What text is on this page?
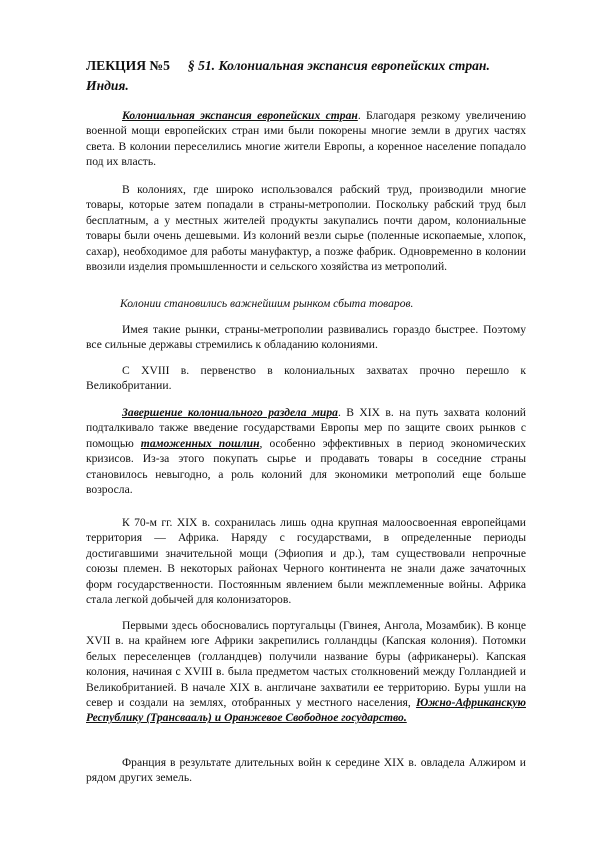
ЛЕКЦИЯ №5 § 51. Колониальная экспансия европейских стран. Индия.

Колониальная экспансия европейских стран. Благодаря резкому увеличению военной мощи европейских стран ими были покорены многие земли в других частях света. В колонии переселились многие жители Европы, а коренное население попадало под их власть.

В колониях, где широко использовался рабский труд, производили многие товары, которые затем попадали в страны-метрополии. Поскольку рабский труд был бесплатным, а у местных жителей продукты закупались почти даром, колониальные товары были очень дешевыми. Из колоний везли сырье (поленные ископаемые, хлопок, сахар), необходимое для работы мануфактур, а позже фабрик. Одновременно в колонии ввозили изделия промышленности и сельского хозяйства из метрополий.

Колонии становились важнейшим рынком сбыта товаров.

Имея такие рынки, страны-метрополии развивались гораздо быстрее. Поэтому все сильные державы стремились к обладанию колониями.

С XVIII в. первенство в колониальных захватах прочно перешло к Великобритании.

Завершение колониального раздела мира. В XIX в. на путь захвата колоний подталкивало также введение государствами Европы мер по защите своих рынков с помощью таможенных пошлин, особенно эффективных в период экономических кризисов. Из-за этого покупать сырье и продавать товары в соседние страны становилось невыгодно, а роль колоний для экономики метрополий еще больше возросла.

К 70-м гг. XIX в. сохранилась лишь одна крупная малоосвоенная европейцами территория — Африка. Наряду с государствами, в определенные периоды достигавшими значительной мощи (Эфиопия и др.), там существовали непрочные союзы племен. В некоторых районах Черного континента не знали даже зачаточных форм государственности. Постоянным явлением были межплеменные войны. Африка стала легкой добычей для колонизаторов.

Первыми здесь обосновались португальцы (Гвинея, Ангола, Мозамбик). В конце XVII в. на крайнем юге Африки закрепились голландцы (Капская колония). Потомки белых переселенцев (голландцев) получили название буры (африканеры). Капская колония, начиная с XVIII в. была предметом частых столкновений между Голландией и Великобританией. В начале XIX в. англичане захватили ее территорию. Буры ушли на север и создали на землях, отобранных у местного населения, Южно-Африканскую Республику (Трансвааль) и Оранжевое Свободное государство.

Франция в результате длительных войн к середине XIX в. овладела Алжиром и рядом других земель.
